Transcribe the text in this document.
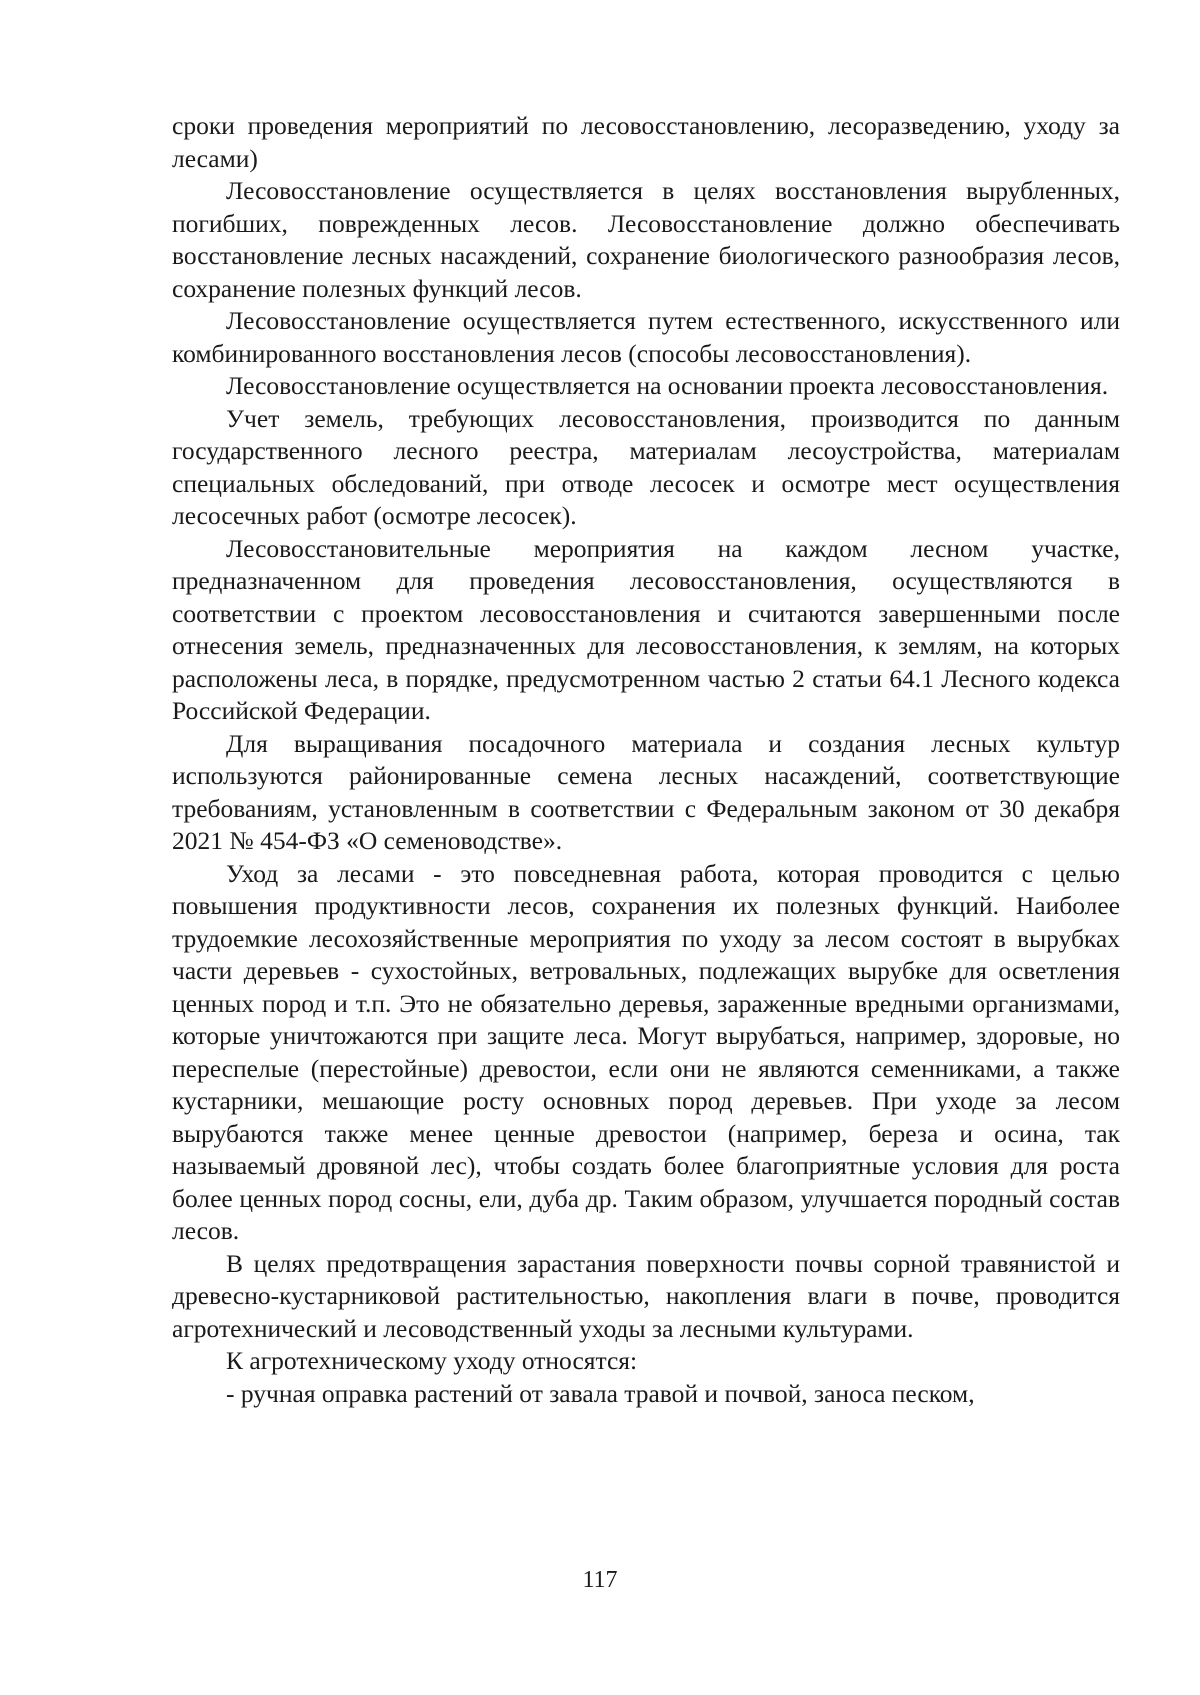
сроки проведения мероприятий по лесовосстановлению, лесоразведению, уходу за лесами)

Лесовосстановление осуществляется в целях восстановления вырубленных, погибших, поврежденных лесов. Лесовосстановление должно обеспечивать восстановление лесных насаждений, сохранение биологического разнообразия лесов, сохранение полезных функций лесов.

Лесовосстановление осуществляется путем естественного, искусственного или комбинированного восстановления лесов (способы лесовосстановления).

Лесовосстановление осуществляется на основании проекта лесовосстановления.

Учет земель, требующих лесовосстановления, производится по данным государственного лесного реестра, материалам лесоустройства, материалам специальных обследований, при отводе лесосек и осмотре мест осуществления лесосечных работ (осмотре лесосек).

Лесовосстановительные мероприятия на каждом лесном участке, предназначенном для проведения лесовосстановления, осуществляются в соответствии с проектом лесовосстановления и считаются завершенными после отнесения земель, предназначенных для лесовосстановления, к землям, на которых расположены леса, в порядке, предусмотренном частью 2 статьи 64.1 Лесного кодекса Российской Федерации.

Для выращивания посадочного материала и создания лесных культур используются районированные семена лесных насаждений, соответствующие требованиям, установленным в соответствии с Федеральным законом от 30 декабря 2021 № 454-ФЗ «О семеноводстве».

Уход за лесами - это повседневная работа, которая проводится с целью повышения продуктивности лесов, сохранения их полезных функций. Наиболее трудоемкие лесохозяйственные мероприятия по уходу за лесом состоят в вырубках части деревьев - сухостойных, ветровальных, подлежащих вырубке для осветления ценных пород и т.п. Это не обязательно деревья, зараженные вредными организмами, которые уничтожаются при защите леса. Могут вырубаться, например, здоровые, но переспелые (перестойные) древостои, если они не являются семенниками, а также кустарники, мешающие росту основных пород деревьев. При уходе за лесом вырубаются также менее ценные древостои (например, береза и осина, так называемый дровяной лес), чтобы создать более благоприятные условия для роста более ценных пород сосны, ели, дуба др. Таким образом, улучшается породный состав лесов.

В целях предотвращения зарастания поверхности почвы сорной травянистой и древесно-кустарниковой растительностью, накопления влаги в почве, проводится агротехнический и лесоводственный уходы за лесными культурами.

К агротехническому уходу относятся:

- ручная оправка растений от завала травой и почвой, заноса песком,

117
